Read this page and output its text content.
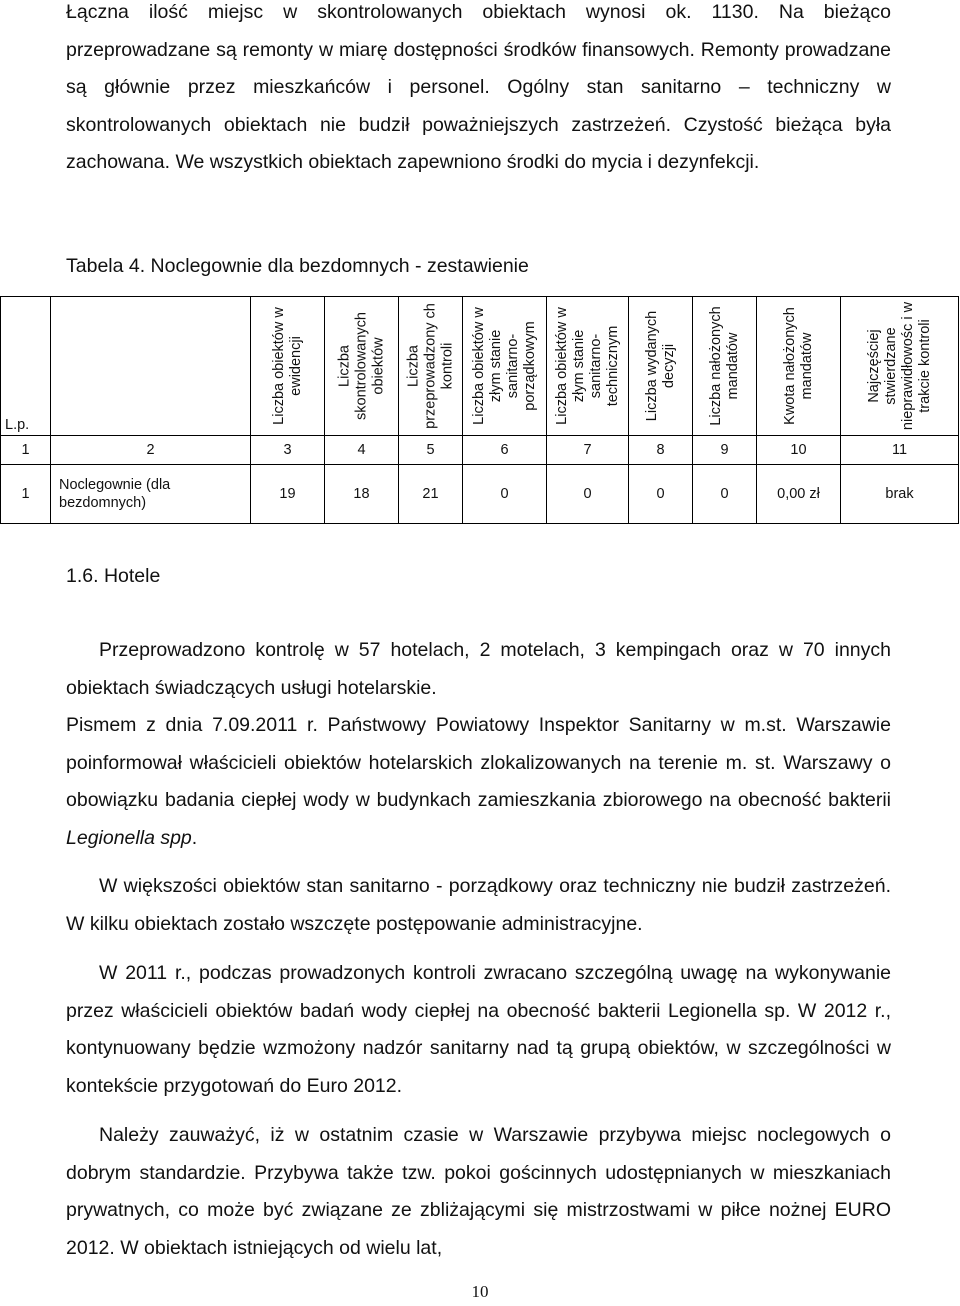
Łączna ilość miejsc w skontrolowanych obiektach wynosi ok. 1130. Na bieżąco przeprowadzane są remonty w miarę dostępności środków finansowych. Remonty prowadzane są głównie przez mieszkańców i personel. Ogólny stan sanitarno – techniczny w skontrolowanych obiektach nie budził poważniejszych zastrzeżeń. Czystość bieżąca była zachowana. We wszystkich obiektach zapewniono środki do mycia i dezynfekcji.
Tabela 4. Noclegownie dla bezdomnych - zestawienie
L.p.		Liczba obiektów w ewidencji	Liczba skontrolowanych obiektów	Liczba przeprowadzony ch kontroli	Liczba obiektów w złym stanie sanitarno-porządkowym	Liczba obiektów w złym stanie sanitarno-technicznym	Liczba wydanych decyzji	Liczba nałożonych mandatów	Kwota nałożonych mandatów	Najczęściej stwierdzane nieprawidłowośc i w trakcie kontroli

1	2	3	4	5	6	7	8	9	10	11
1	Noclegownie (dla bezdomnych)	19	18	21	0	0	0	0	0,00 zł	brak
1.6. Hotele
Przeprowadzono kontrolę w 57 hotelach, 2 motelach, 3 kempingach oraz w 70 innych obiektach świadczących usługi hotelarskie.
Pismem z dnia 7.09.2011 r. Państwowy Powiatowy Inspektor Sanitarny w m.st. Warszawie poinformował właścicieli obiektów hotelarskich zlokalizowanych na terenie m. st. Warszawy o obowiązku badania ciepłej wody w budynkach zamieszkania zbiorowego na obecność bakterii Legionella spp.
W większości obiektów stan sanitarno - porządkowy oraz techniczny nie budził zastrzeżeń. W kilku obiektach zostało wszczęte postępowanie administracyjne.
W 2011 r., podczas prowadzonych kontroli zwracano szczególną uwagę na wykonywanie przez właścicieli obiektów badań wody ciepłej na obecność bakterii Legionella sp. W 2012 r., kontynuowany będzie wzmożony nadzór sanitarny nad tą grupą obiektów, w szczególności w kontekście przygotowań do Euro 2012.
Należy zauważyć, iż w ostatnim czasie w Warszawie przybywa miejsc noclegowych o dobrym standardzie. Przybywa także tzw. pokoi gościnnych udostępnianych w mieszkaniach prywatnych, co może być związane ze zbliżającymi się mistrzostwami w piłce nożnej EURO 2012. W obiektach istniejących od wielu lat,
10
